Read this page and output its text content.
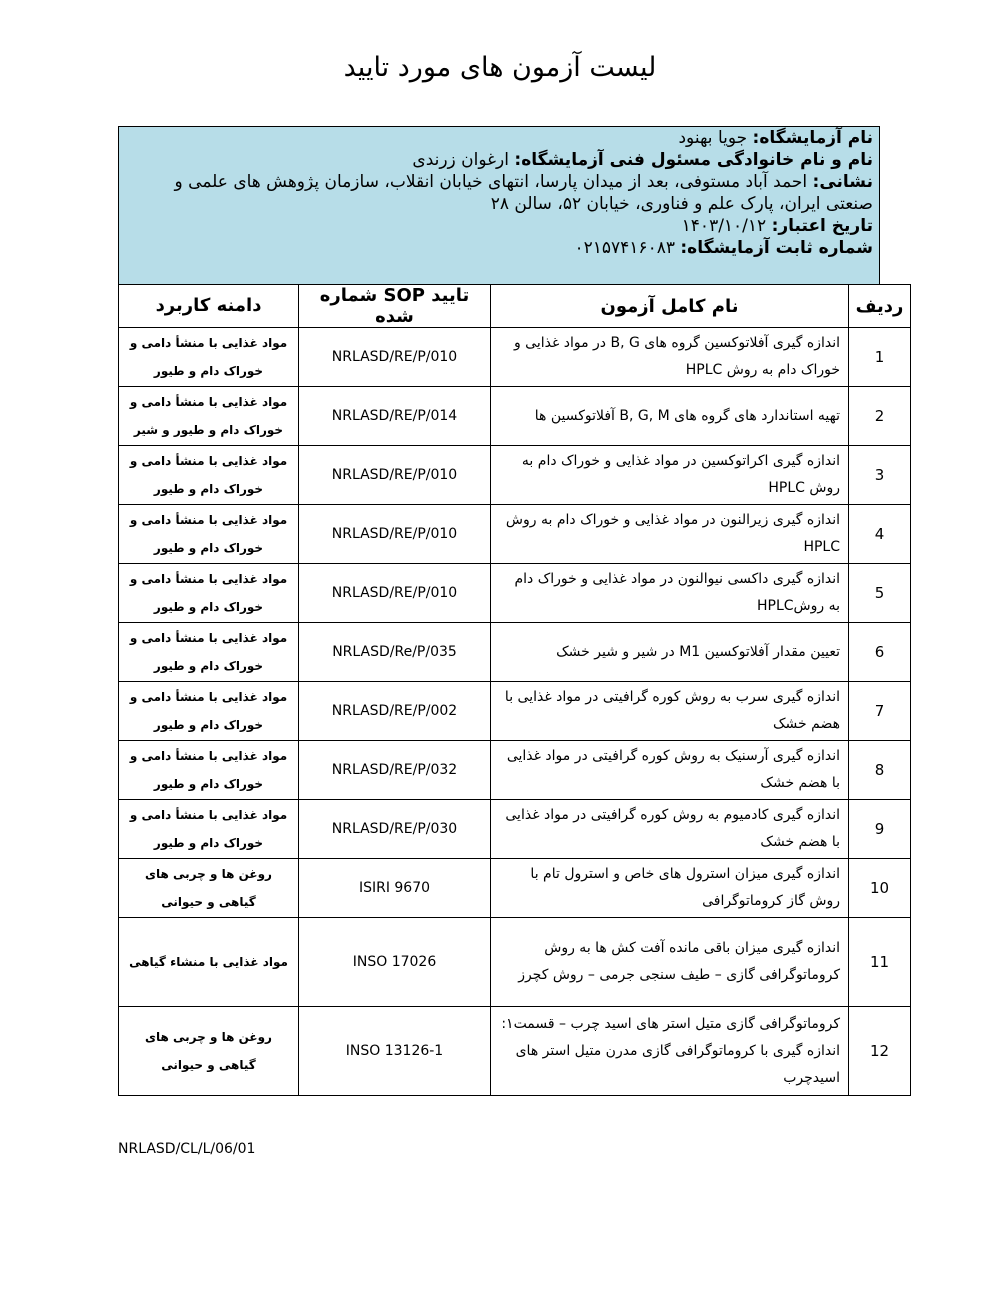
لیست آزمون های مورد تایید
نام آزمایشگاه: جویا بهنود
نام و نام خانوادگی مسئول فنی آزمایشگاه: ارغوان زرندی
نشانی: احمد آباد مستوفی، بعد از میدان پارسا، انتهای خیابان انقلاب، سازمان پژوهش های علمی و صنعتی ایران، پارک علم و فناوری، خیابان ۵۲، سالن ۲۸
تاریخ اعتبار: ۱۴۰۳/۱۰/۱۲
شماره ثابت آزمایشگاه: ۰۲۱۵۷۴۱۶۰۸۳
ردیف	نام کامل آزمون	شماره SOP تایید شده	دامنه کاربرد
1	اندازه گیری آفلاتوکسین گروه های B, G در مواد غذایی و خوراک دام به روش HPLC	NRLASD/RE/P/010	مواد غذایی با منشأ دامی و خوراک دام و طیور
2	تهیه استاندارد های گروه های B, G, M آفلاتوکسین ها	NRLASD/RE/P/014	مواد غذایی با منشأ دامی و خوراک دام و طیور و شیر
3	اندازه گیری اکراتوکسین در مواد غذایی و خوراک دام به روش HPLC	NRLASD/RE/P/010	مواد غذایی با منشأ دامی و خوراک دام و طیور
4	اندازه گیری زیرالنون در مواد غذایی و خوراک دام به روش HPLC	NRLASD/RE/P/010	مواد غذایی با منشأ دامی و خوراک دام و طیور
5	اندازه گیری داکسی نیوالنون در مواد غذایی و خوراک دام به روشHPLC	NRLASD/RE/P/010	مواد غذایی با منشأ دامی و خوراک دام و طیور
6	تعیین مقدار آفلاتوکسین M1 در شیر و شیر خشک	NRLASD/Re/P/035	مواد غذایی با منشأ دامی و خوراک دام و طیور
7	اندازه گیری سرب به روش کوره گرافیتی در مواد غذایی با هضم خشک	NRLASD/RE/P/002	مواد غذایی با منشأ دامی و خوراک دام و طیور
8	اندازه گیری آرسنیک به روش کوره گرافیتی در مواد غذایی با هضم خشک	NRLASD/RE/P/032	مواد غذایی با منشأ دامی و خوراک دام و طیور
9	اندازه گیری کادمیوم به روش کوره گرافیتی در مواد غذایی با هضم خشک	NRLASD/RE/P/030	مواد غذایی با منشأ دامی و خوراک دام و طیور
10	اندازه گیری میزان استرول های خاص و استرول تام با روش گاز کروماتوگرافی	ISIRI 9670	روغن ها و چربی های گیاهی و حیوانی
11	اندازه گیری میزان باقی مانده آفت کش ها به روش کروماتوگرافی گازی – طیف سنجی جرمی – روش کچرز	INSO 17026	مواد غذایی با منشاء گیاهی
12	کروماتوگرافی گازی متیل استر های اسید چرب – قسمت۱: اندازه گیری با کروماتوگرافی گازی مدرن متیل استر های اسیدچرب	INSO 13126-1	روغن ها و چربی های گیاهی و حیوانی
NRLASD/CL/L/06/01
